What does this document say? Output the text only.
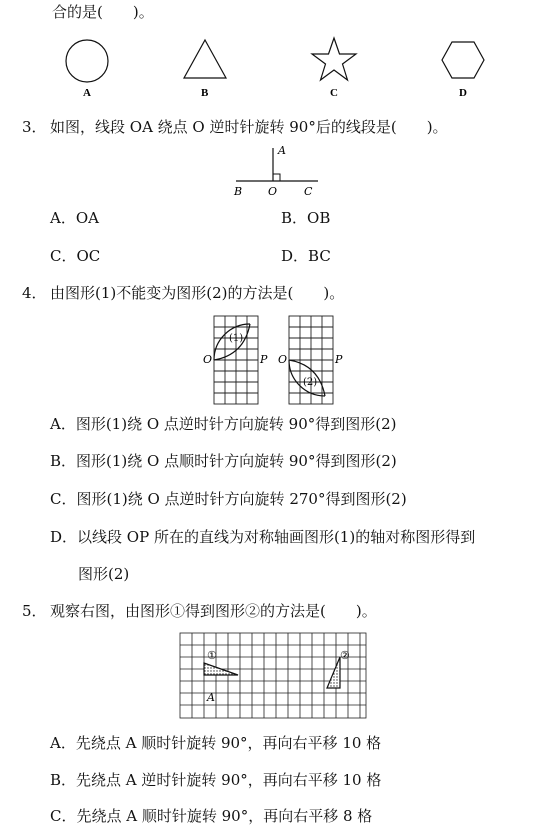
合的是(　　)。
A	B	C	D
3． 如图，线段 OA 绕点 O 逆时针旋转 90°后的线段是(　　)。
A
B O C
A．OA	B．OB
C．OC	D．BC
4． 由图形(1)不能变为图形(2)的方法是(　　)。
(1)
O	P
(2)
O	P
A．图形(1)绕 O 点逆时针方向旋转 90°得到图形(2)
B．图形(1)绕 O 点顺时针方向旋转 90°得到图形(2)
C．图形(1)绕 O 点逆时针方向旋转 270°得到图形(2)
D．以线段 OP 所在的直线为对称轴画图形(1)的轴对称图形得到
图形(2)
5． 观察右图，由图形①得到图形②的方法是(　　)。
①	②
A
A．先绕点 A 顺时针旋转 90°，再向右平移 10 格
B．先绕点 A 逆时针旋转 90°，再向右平移 10 格
C．先绕点 A 顺时针旋转 90°，再向右平移 8 格
